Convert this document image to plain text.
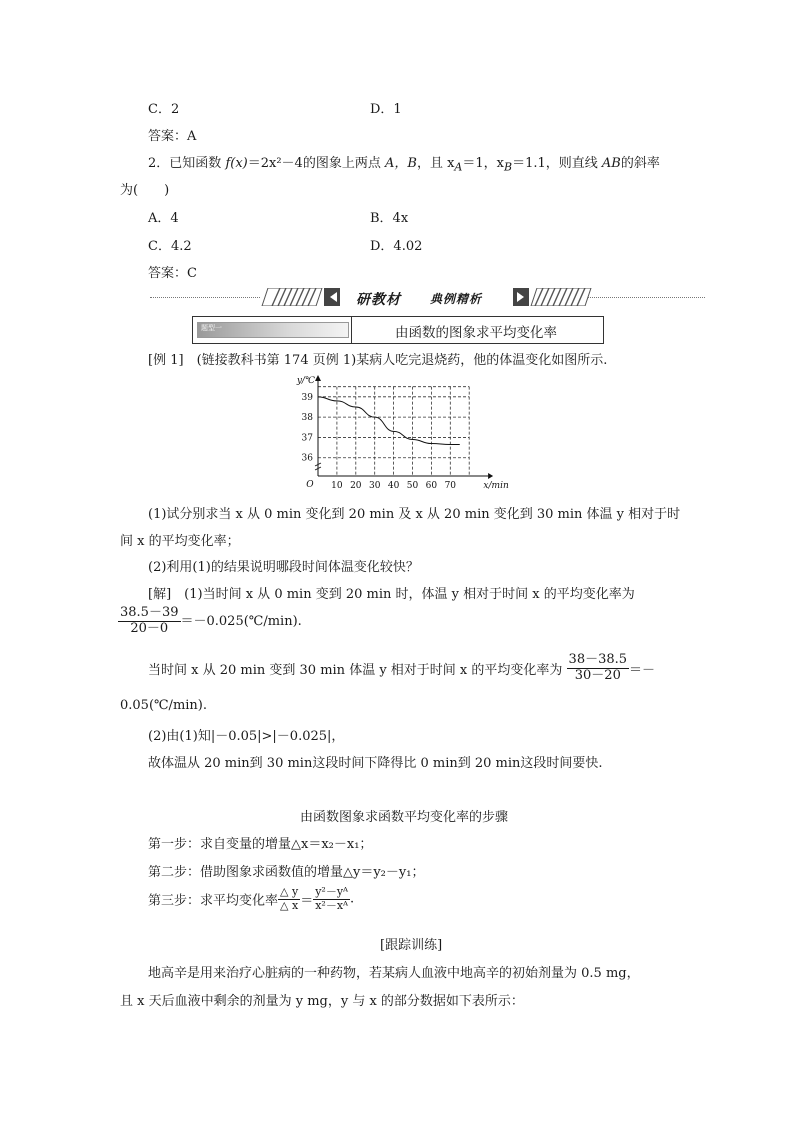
C．2	D．1
答案：A
2．已知函数 f(x)＝2x²－4的图象上两点 A，B，且 $x_A=1$，$x_B=1.1$，则直线 AB的斜率
为(　　)
A．4	B．4x
C．4.2	D．4.02
答案：C
研教材 典例精析
题型一	由函数的图象求平均变化率
[例 1]　 (链接教科书第 174 页例 1)某病人吃完退烧药，他的体温变化如图所示.
36
37
38
39
10 20 30 40 50 60 70
O
y/℃
x/min
(1)试分别求当 x 从 0 min 变化到 20 min 及 x 从 20 min 变化到 30 min 体温 y 相对于时
间 x 的平均变化率；
(2)利用(1)的结果说明哪段时间体温变化较快？
[解]　 (1)当时间 x 从 0 min 变到 20 min 时，体温 y 相对于时间 x 的平均变化率为
$\frac{38.5-39}{20-0}$ ＝－0.025(℃/min).
当时间 x 从 20 min 变到 30 min 体温 y 相对于时间 x 的平均变化率为 $\frac{38-38.5}{30-20}$ ＝－
0.05(℃/min).
(2)由(1)知|－0.05|>|－0.025|，
故体温从 20 min到 30 min这段时间下降得比 0 min到 20 min这段时间要快.
由函数图象求函数平均变化率的步骤
第一步：求自变量的增量△x＝x₂－x₁；
第二步：借助图象求函数值的增量△y＝y₂－y₁；
第三步：求平均变化率 $\frac{\triangle y}{\triangle x} = \frac{\text{y²－yᴬ}}{\text{x²－xᴬ}}$ .
[跟踪训练]
地高辛是用来治疗心脏病的一种药物，若某病人血液中地高辛的初始剂量为 0.5 mg，
且 x 天后血液中剩余的剂量为 y mg，y 与 x 的部分数据如下表所示：
